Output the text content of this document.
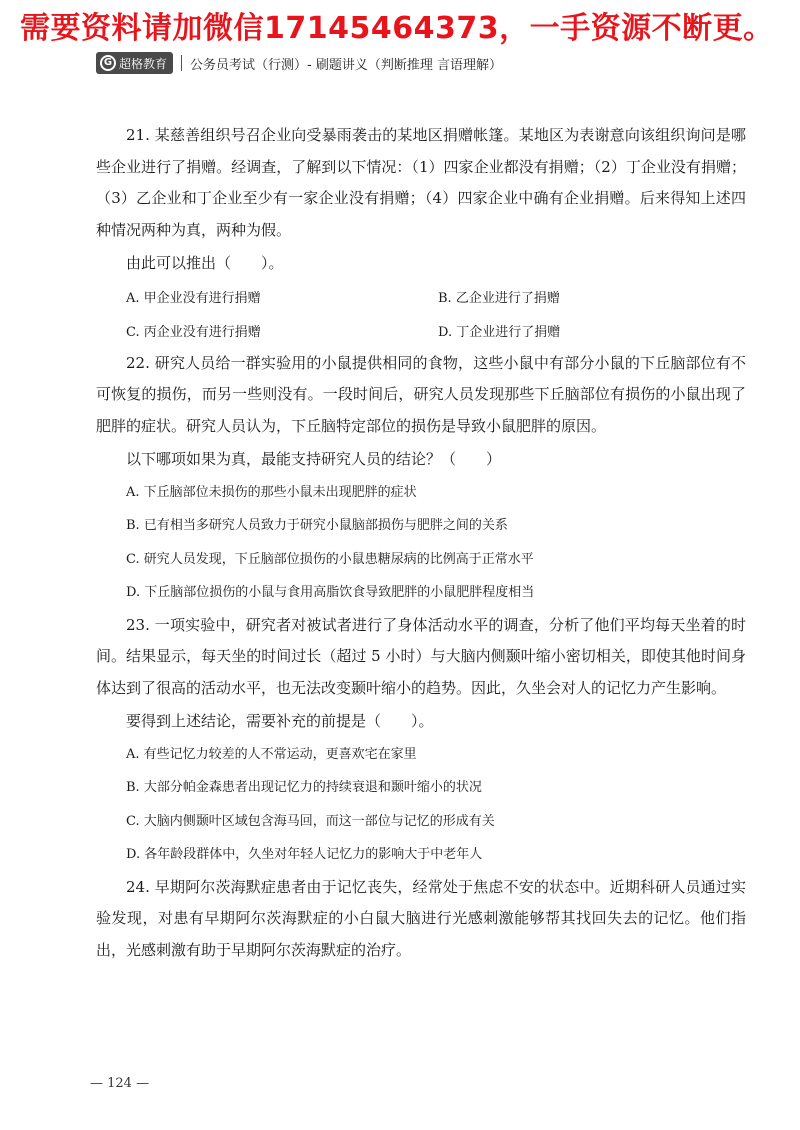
需要资料请加微信17145464373，一手资源不断更。
G 超格教育 公务员考试（行测）- 刷题讲义（判断推理 言语理解）

21. 某慈善组织号召企业向受暴雨袭击的某地区捐赠帐篷。某地区为表谢意向该组织询问是哪些企业进行了捐赠。经调查，了解到以下情况：（1）四家企业都没有捐赠；（2）丁企业没有捐赠；（3）乙企业和丁企业至少有一家企业没有捐赠；（4）四家企业中确有企业捐赠。后来得知上述四种情况两种为真，两种为假。

由此可以推出（　　）。

A. 甲企业没有进行捐赠	B. 乙企业进行了捐赠
C. 丙企业没有进行捐赠	D. 丁企业进行了捐赠

22. 研究人员给一群实验用的小鼠提供相同的食物，这些小鼠中有部分小鼠的下丘脑部位有不可恢复的损伤，而另一些则没有。一段时间后，研究人员发现那些下丘脑部位有损伤的小鼠出现了肥胖的症状。研究人员认为，下丘脑特定部位的损伤是导致小鼠肥胖的原因。

以下哪项如果为真，最能支持研究人员的结论？（　　）

A. 下丘脑部位未损伤的那些小鼠未出现肥胖的症状
B. 已有相当多研究人员致力于研究小鼠脑部损伤与肥胖之间的关系
C. 研究人员发现，下丘脑部位损伤的小鼠患糖尿病的比例高于正常水平
D. 下丘脑部位损伤的小鼠与食用高脂饮食导致肥胖的小鼠肥胖程度相当

23. 一项实验中，研究者对被试者进行了身体活动水平的调查，分析了他们平均每天坐着的时间。结果显示，每天坐的时间过长（超过 5 小时）与大脑内侧颞叶缩小密切相关，即使其他时间身体达到了很高的活动水平，也无法改变颞叶缩小的趋势。因此，久坐会对人的记忆力产生影响。

要得到上述结论，需要补充的前提是（　　）。

A. 有些记忆力较差的人不常运动，更喜欢宅在家里
B. 大部分帕金森患者出现记忆力的持续衰退和颞叶缩小的状况
C. 大脑内侧颞叶区域包含海马回，而这一部位与记忆的形成有关
D. 各年龄段群体中，久坐对年轻人记忆力的影响大于中老年人

24. 早期阿尔茨海默症患者由于记忆丧失，经常处于焦虑不安的状态中。近期科研人员通过实验发现，对患有早期阿尔茨海默症的小白鼠大脑进行光感刺激能够帮其找回失去的记忆。他们指出，光感刺激有助于早期阿尔茨海默症的治疗。

— 124 —
